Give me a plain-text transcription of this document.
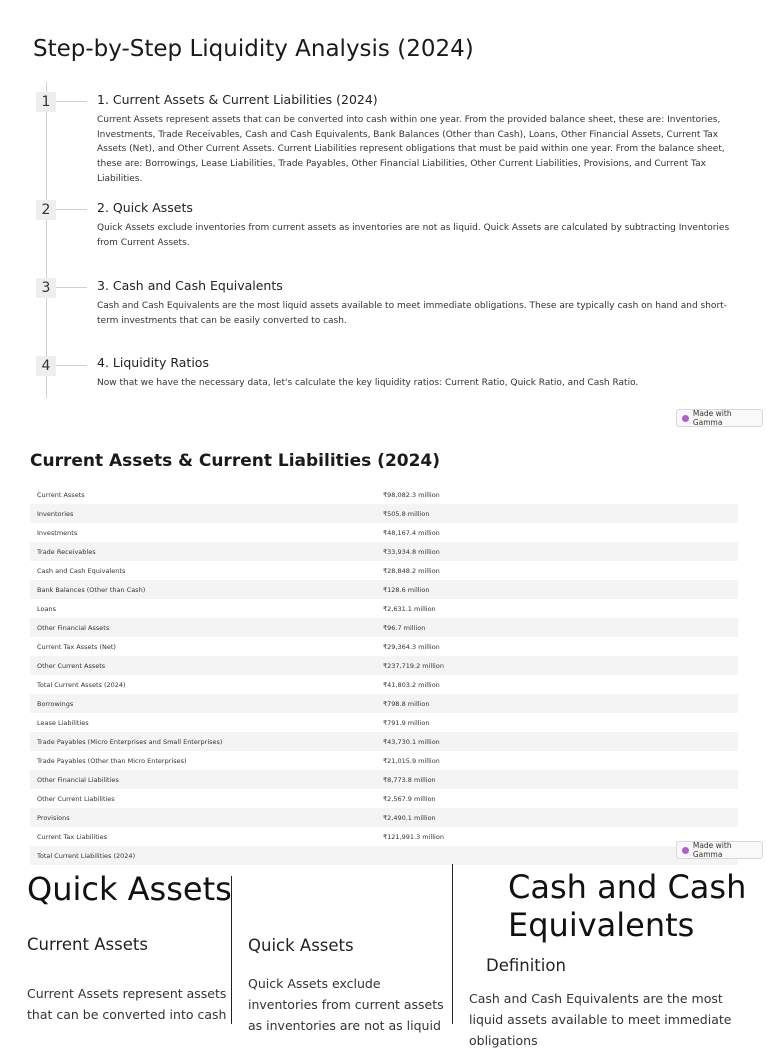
Step-by-Step Liquidity Analysis (2024)
1	1. Current Assets & Current Liabilities (2024)
Current Assets represent assets that can be converted into cash within one year. From the provided balance sheet, these are: Inventories, Investments, Trade Receivables, Cash and Cash Equivalents, Bank Balances (Other than Cash), Loans, Other Financial Assets, Current Tax Assets (Net), and Other Current Assets. Current Liabilities represent obligations that must be paid within one year. From the balance sheet, these are: Borrowings, Lease Liabilities, Trade Payables, Other Financial Liabilities, Other Current Liabilities, Provisions, and Current Tax Liabilities.
2	2. Quick Assets
Quick Assets exclude inventories from current assets as inventories are not as liquid. Quick Assets are calculated by subtracting Inventories from Current Assets.
3	3. Cash and Cash Equivalents
Cash and Cash Equivalents are the most liquid assets available to meet immediate obligations. These are typically cash on hand and short-term investments that can be easily converted to cash.
4	4. Liquidity Ratios
Now that we have the necessary data, let's calculate the key liquidity ratios: Current Ratio, Quick Ratio, and Cash Ratio.
Made with Gamma
Current Assets & Current Liabilities (2024)
Current Assets	₹98,082.3 million
Inventories	₹505.8 million
Investments	₹48,167.4 million
Trade Receivables	₹33,934.8 million
Cash and Cash Equivalents	₹28,848.2 million
Bank Balances (Other than Cash)	₹128.6 million
Loans	₹2,631.1 million
Other Financial Assets	₹96.7 million
Current Tax Assets (Net)	₹29,364.3 million
Other Current Assets	₹237,719.2 million
Total Current Assets (2024)	₹41,803.2 million
Borrowings	₹798.8 million
Lease Liabilities	₹791.9 million
Trade Payables (Micro Enterprises and Small Enterprises)	₹43,730.1 million
Trade Payables (Other than Micro Enterprises)	₹21,015.9 million
Other Financial Liabilities	₹8,773.8 million
Other Current Liabilities	₹2,567.9 million
Provisions	₹2,490.1 million
Current Tax Liabilities	₹121,991.3 million
Total Current Liabilities (2024)
Made with Gamma
Quick Assets
Current Assets
Current Assets represent assets that can be converted into cash
Quick Assets
Quick Assets exclude inventories from current assets as inventories are not as liquid
Cash and Cash
Equivalents
Definition
Cash and Cash Equivalents are the most liquid assets available to meet immediate obligations
